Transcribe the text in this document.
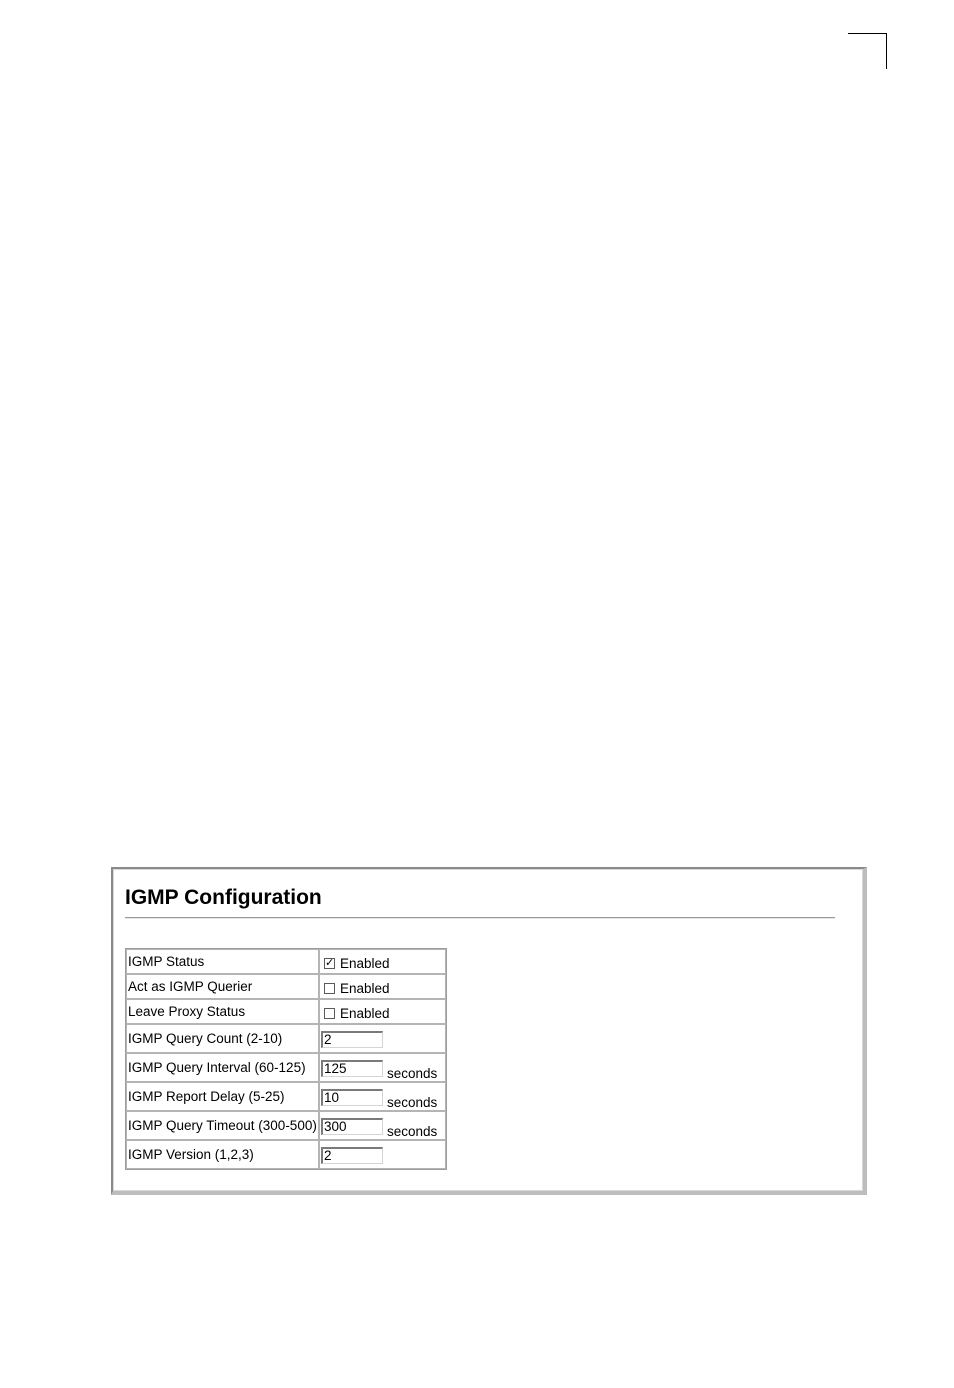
IGMP Configuration
IGMP Status	✓ Enabled

Act as IGMP Querier	Enabled

Leave Proxy Status	Enabled

IGMP Query Count (2-10)	2
IGMP Query Interval (60-125)	125 seconds
IGMP Report Delay (5-25)	10 seconds
IGMP Query Timeout (300-500)	300 seconds
IGMP Version (1,2,3)	2
